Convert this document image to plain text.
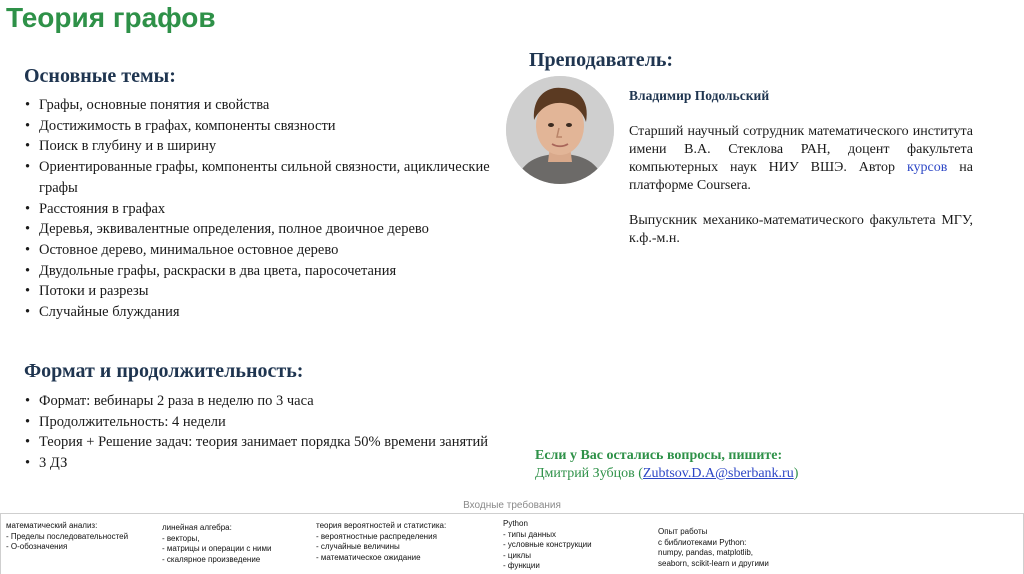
Теория графов
Основные темы:
• Графы, основные понятия и свойства
• Достижимость в графах, компоненты связности
• Поиск в глубину и в ширину
• Ориентированные графы, компоненты сильной связности, ациклические графы
• Расстояния в графах
• Деревья, эквивалентные определения, полное двоичное дерево
• Остовное дерево, минимальное остовное дерево
• Двудольные графы, раскраски в два цвета, паросочетания
• Потоки и разрезы
• Случайные блуждания
Формат и продолжительность:
• Формат: вебинары 2 раза в неделю по 3 часа
• Продолжительность: 4 недели
• Теория + Решение задач: теория занимает порядка 50% времени занятий
• 3 ДЗ
Преподаватель:
Владимир Подольский

Старший научный сотрудник математического института имени В.А. Стеклова РАН, доцент факультета компьютерных наук НИУ ВШЭ. Автор курсов на платформе Coursera.

Выпускник механико-математического факультета МГУ, к.ф.-м.н.

Если у Вас остались вопросы, пишите:
Дмитрий Зубцов (Zubtsov.D.A@sberbank.ru)
Входные требования
математический анализ:
- Пределы последовательностей
- О-обозначения
линейная алгебра:
- векторы,
- матрицы и операции с ними
- скалярное произведение
теория вероятностей и статистика:
- вероятностные распределения
- случайные величины
- математическое ожидание
Python
- типы данных
- условные конструкции
- циклы
- функции
Опыт работы
с библиотеками Python:
numpy, pandas, matplotlib,
seaborn, scikit-learn и другими
